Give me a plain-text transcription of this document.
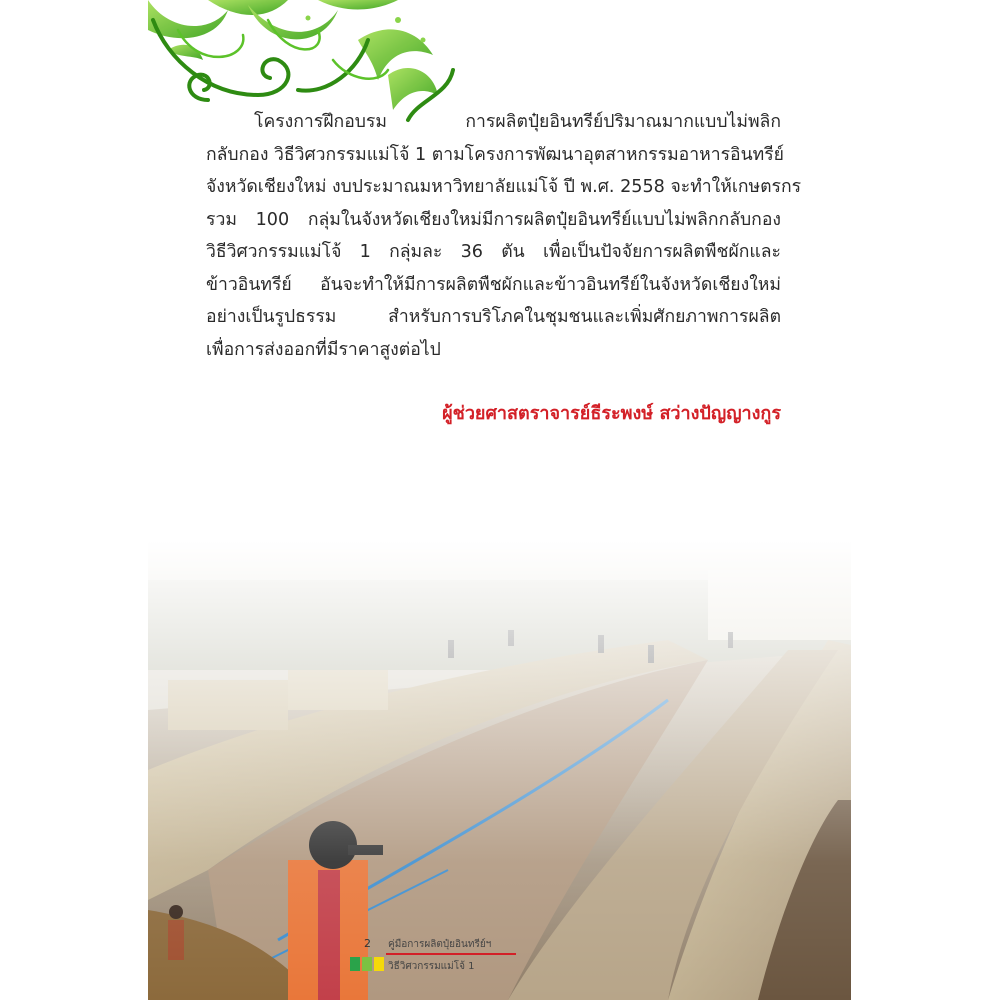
โครงการฝึกอบรม การผลิตปุ๋ยอินทรีย์ปริมาณมากแบบไม่พลิก
กลับกอง วิธีวิศวกรรมแม่โจ้ 1 ตามโครงการพัฒนาอุตสาหกรรมอาหารอินทรีย์
จังหวัดเชียงใหม่ งบประมาณมหาวิทยาลัยแม่โจ้ ปี พ.ศ. 2558 จะทำให้เกษตรกร
รวม 100 กลุ่มในจังหวัดเชียงใหม่มีการผลิตปุ๋ยอินทรีย์แบบไม่พลิกกลับกอง
วิธีวิศวกรรมแม่โจ้ 1 กลุ่มละ 36 ตัน เพื่อเป็นปัจจัยการผลิตพืชผักและ
ข้าวอินทรีย์ อันจะทำให้มีการผลิตพืชผักและข้าวอินทรีย์ในจังหวัดเชียงใหม่
อย่างเป็นรูปธรรม สำหรับการบริโภคในชุมชนและเพิ่มศักยภาพการผลิต
เพื่อการส่งออกที่มีราคาสูงต่อไป
ผู้ช่วยศาสตราจารย์ธีระพงษ์ สว่างปัญญางกูร
2 คู่มือการผลิตปุ๋ยอินทรีย์ฯ
วิธีวิศวกรรมแม่โจ้ 1
